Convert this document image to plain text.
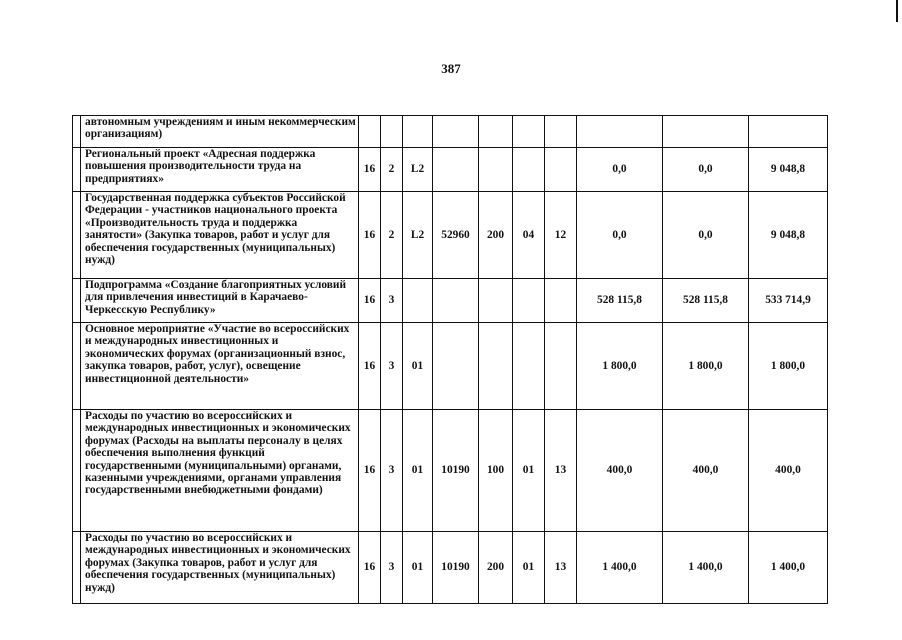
387
	автономным учреждениям и иным некоммерческим организациям)										
	Региональный проект «Адресная поддержка повышения производительности труда на предприятиях»	16	2	L2					0,0	0,0	9 048,8
	Государственная поддержка субъектов Российской Федерации - участников национального проекта «Производительность труда и поддержка занятости» (Закупка товаров, работ и услуг для обеспечения государственных (муниципальных) нужд)	16	2	L2	52960	200	04	12	0,0	0,0	9 048,8
	Подпрограмма «Создание благоприятных условий для привлечения инвестиций в Карачаево-Черкесскую Республику»	16	3						528 115,8	528 115,8	533 714,9
	Основное мероприятие «Участие во всероссийских и международных инвестиционных и экономических форумах (организационный взнос, закупка товаров, работ, услуг), освещение инвестиционной деятельности»	16	3	01					1 800,0	1 800,0	1 800,0
	Расходы по участию во всероссийских и международных инвестиционных и экономических форумах (Расходы на выплаты персоналу в целях обеспечения выполнения функций государственными (муниципальными) органами, казенными учреждениями, органами управления государственными внебюджетными фондами)	16	3	01	10190	100	01	13	400,0	400,0	400,0
	Расходы по участию во всероссийских и международных инвестиционных и экономических форумах (Закупка товаров, работ и услуг для обеспечения государственных (муниципальных) нужд)	16	3	01	10190	200	01	13	1 400,0	1 400,0	1 400,0
